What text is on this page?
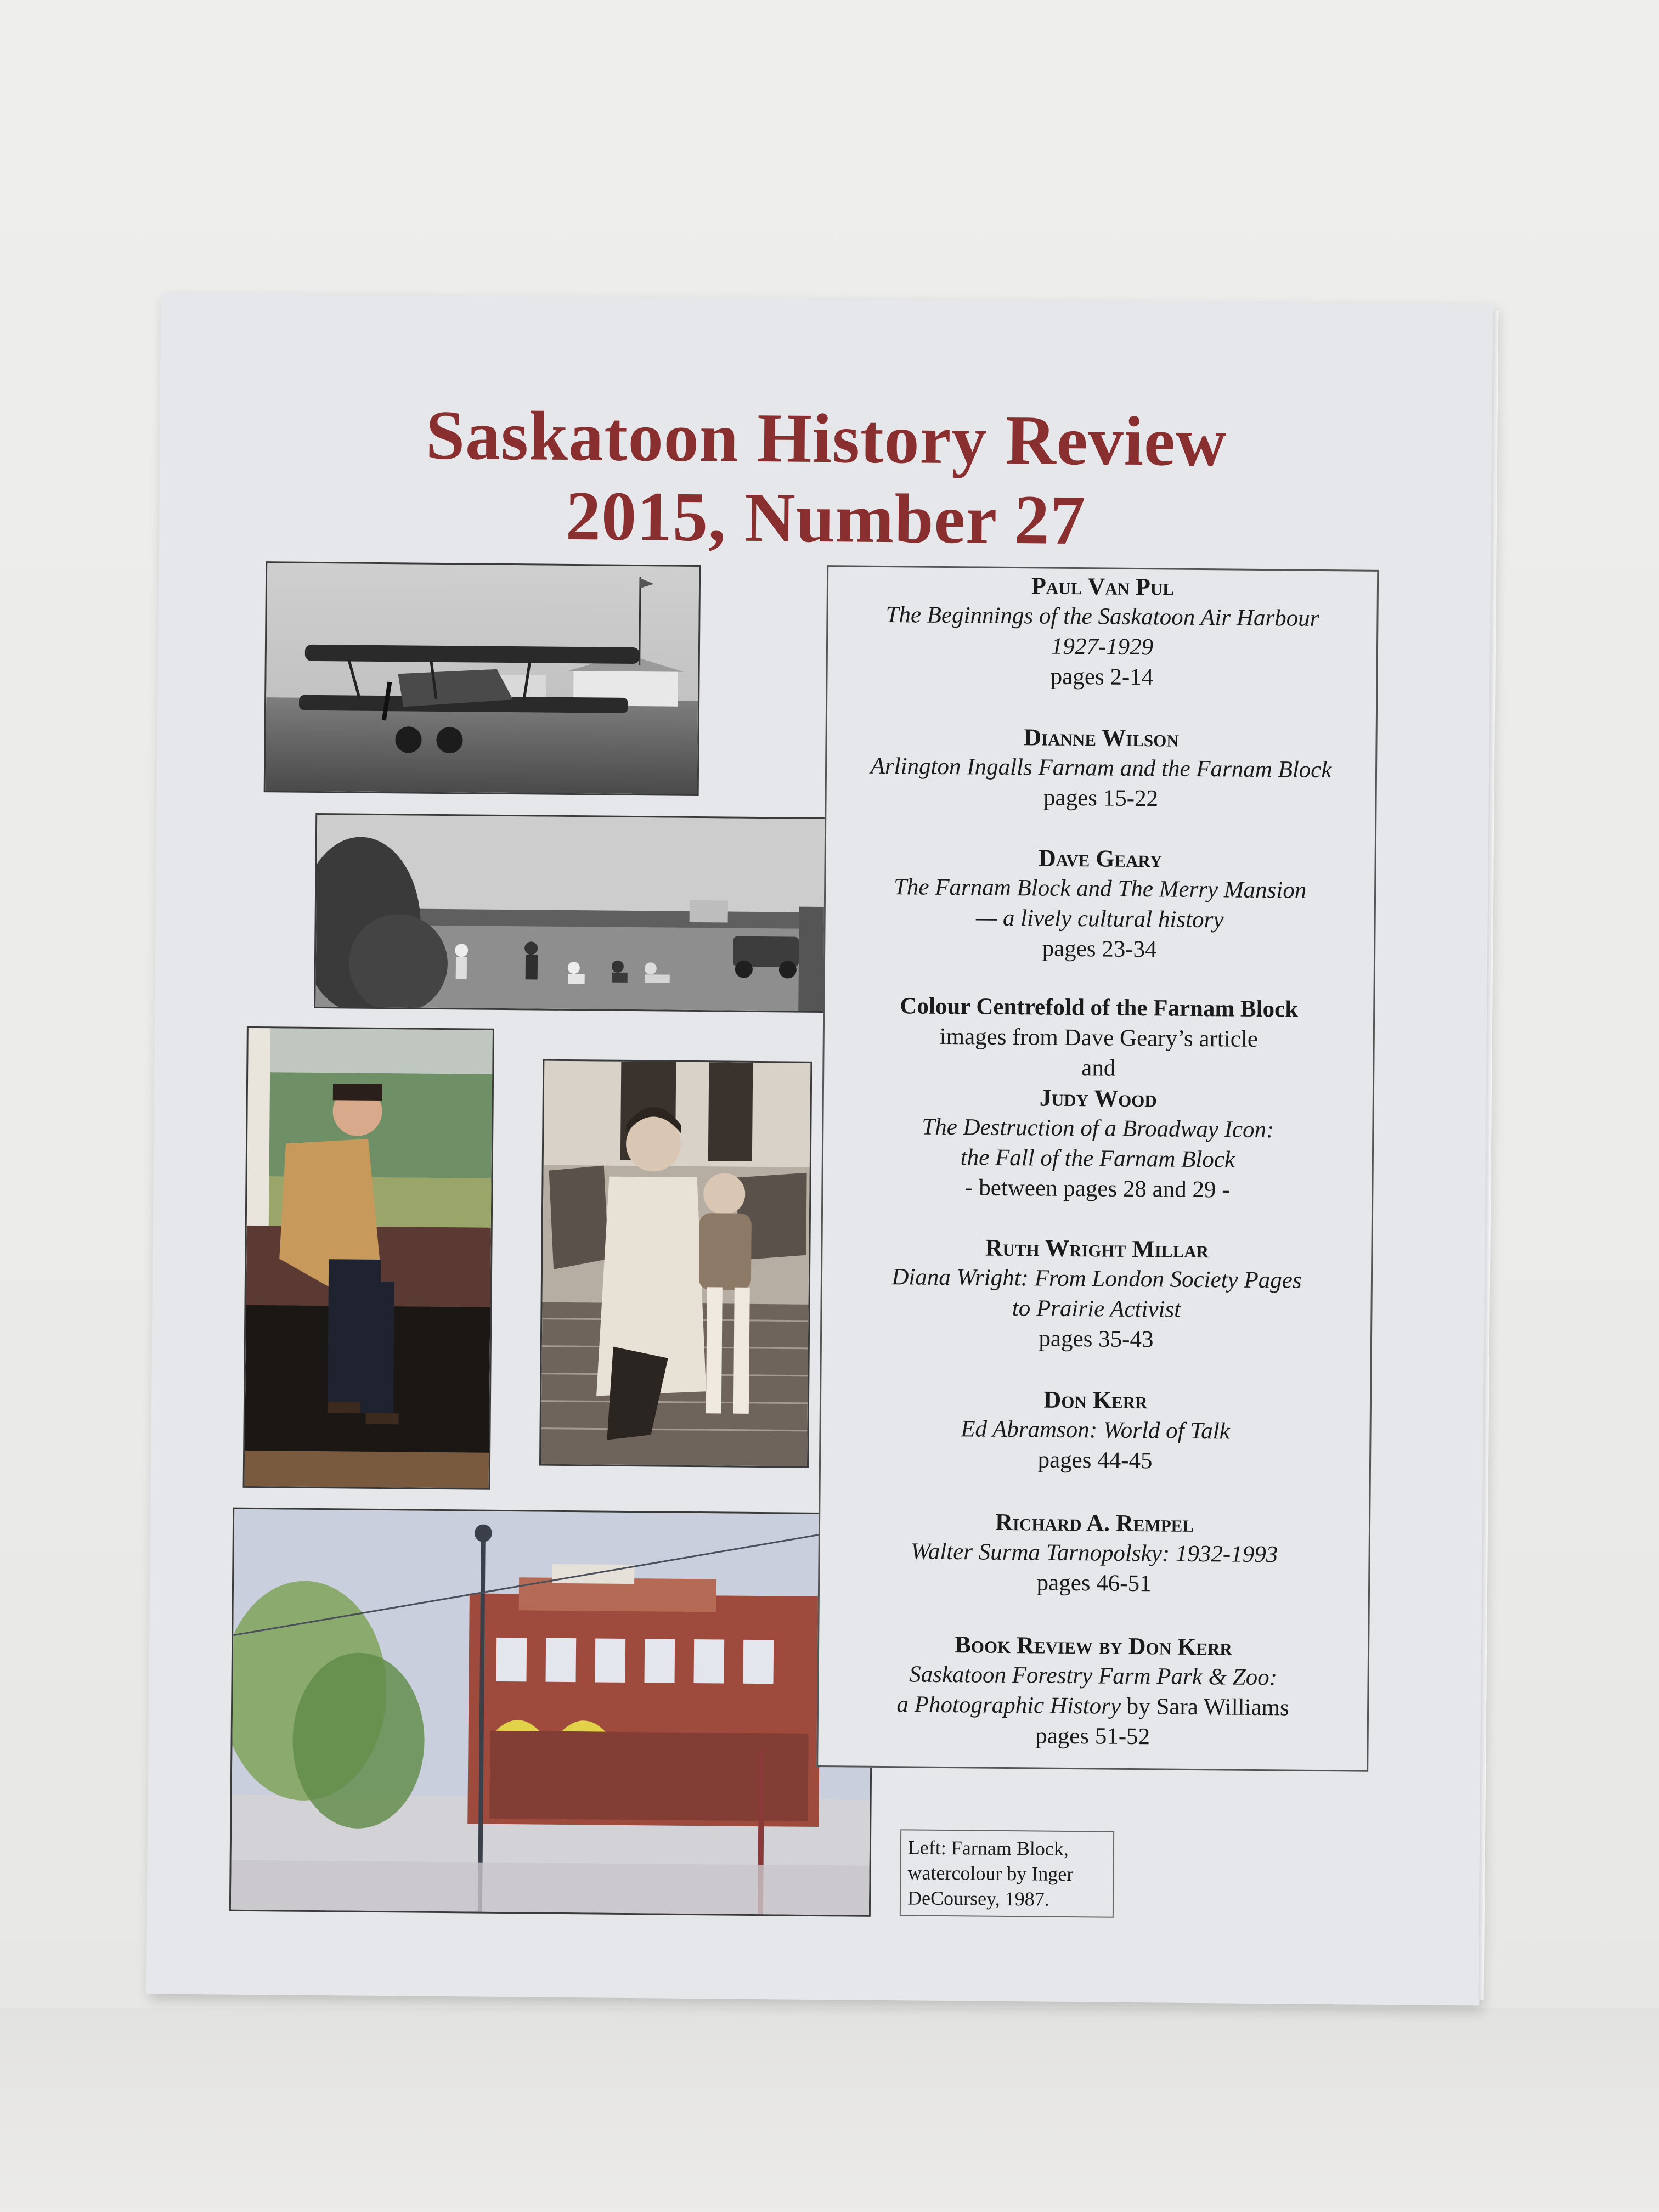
Saskatoon History Review
2015, Number 27
Paul Van Pul
The Beginnings of the Saskatoon Air Harbour
1927-1929
pages 2-14
Dianne Wilson
Arlington Ingalls Farnam and the Farnam Block
pages 15-22
Dave Geary
The Farnam Block and The Merry Mansion
— a lively cultural history
pages 23-34
Colour Centrefold of the Farnam Block
images from Dave Geary’s article
and
Judy Wood
The Destruction of a Broadway Icon:
the Fall of the Farnam Block
- between pages 28 and 29 -
Ruth Wright Millar
Diana Wright: From London Society Pages
to Prairie Activist
pages 35-43
Don Kerr
Ed Abramson: World of Talk
pages 44-45
Richard A. Rempel
Walter Surma Tarnopolsky: 1932-1993
pages 46-51
Book Review by Don Kerr
Saskatoon Forestry Farm Park & Zoo:
a Photographic History by Sara Williams
pages 51-52
Left: Farnam Block,
watercolour by Inger
DeCoursey, 1987.
